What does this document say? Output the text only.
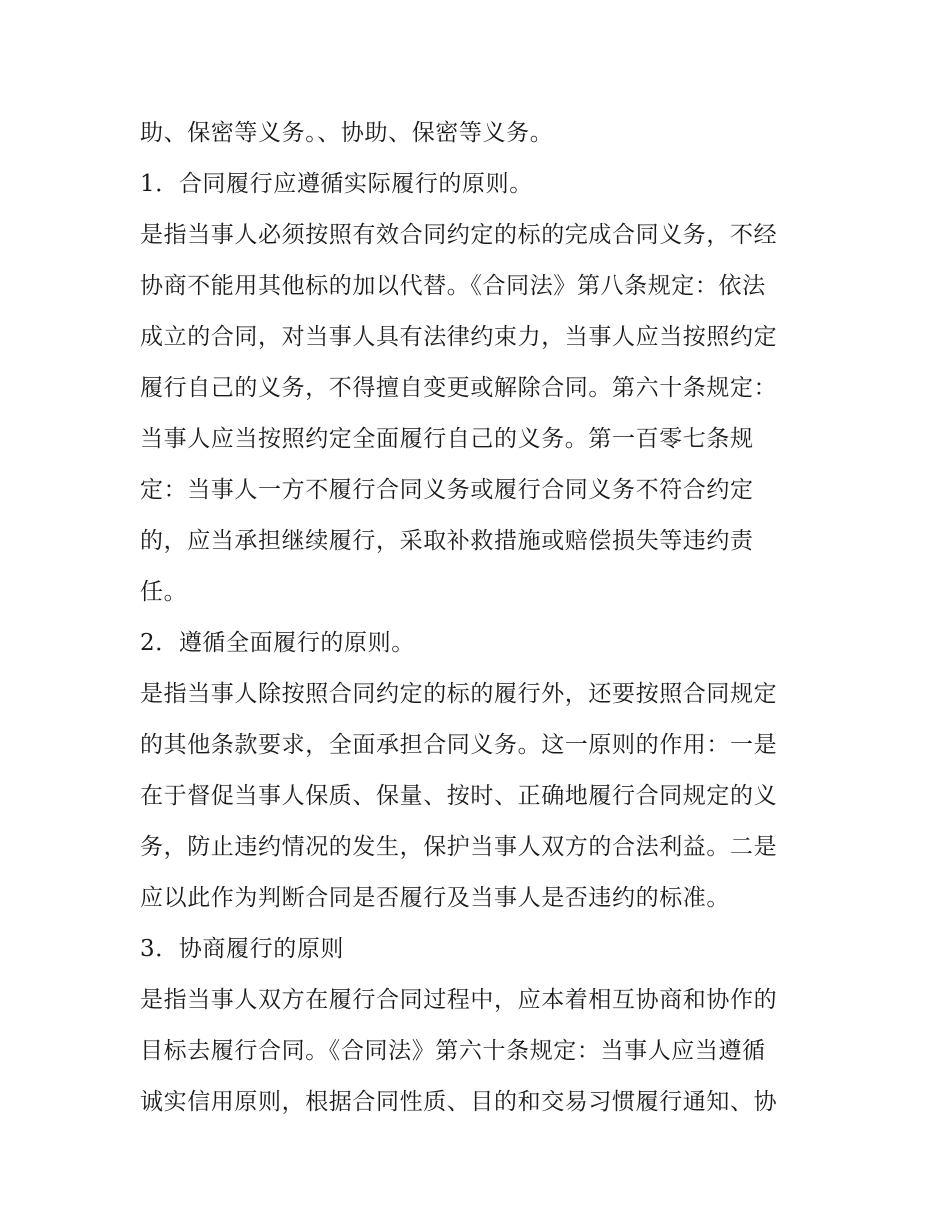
助、保密等义务。、协助、保密等义务。
1．合同履行应遵循实际履行的原则。
是指当事人必须按照有效合同约定的标的完成合同义务，不经
协商不能用其他标的加以代替。《合同法》第八条规定：依法
成立的合同，对当事人具有法律约束力，当事人应当按照约定
履行自己的义务，不得擅自变更或解除合同。第六十条规定：
当事人应当按照约定全面履行自己的义务。第一百零七条规
定：当事人一方不履行合同义务或履行合同义务不符合约定
的，应当承担继续履行，采取补救措施或赔偿损失等违约责
任。
2．遵循全面履行的原则。
是指当事人除按照合同约定的标的履行外，还要按照合同规定
的其他条款要求，全面承担合同义务。这一原则的作用：一是
在于督促当事人保质、保量、按时、正确地履行合同规定的义
务，防止违约情况的发生，保护当事人双方的合法利益。二是
应以此作为判断合同是否履行及当事人是否违约的标准。
3．协商履行的原则
是指当事人双方在履行合同过程中，应本着相互协商和协作的
目标去履行合同。《合同法》第六十条规定：当事人应当遵循
诚实信用原则，根据合同性质、目的和交易习惯履行通知、协
